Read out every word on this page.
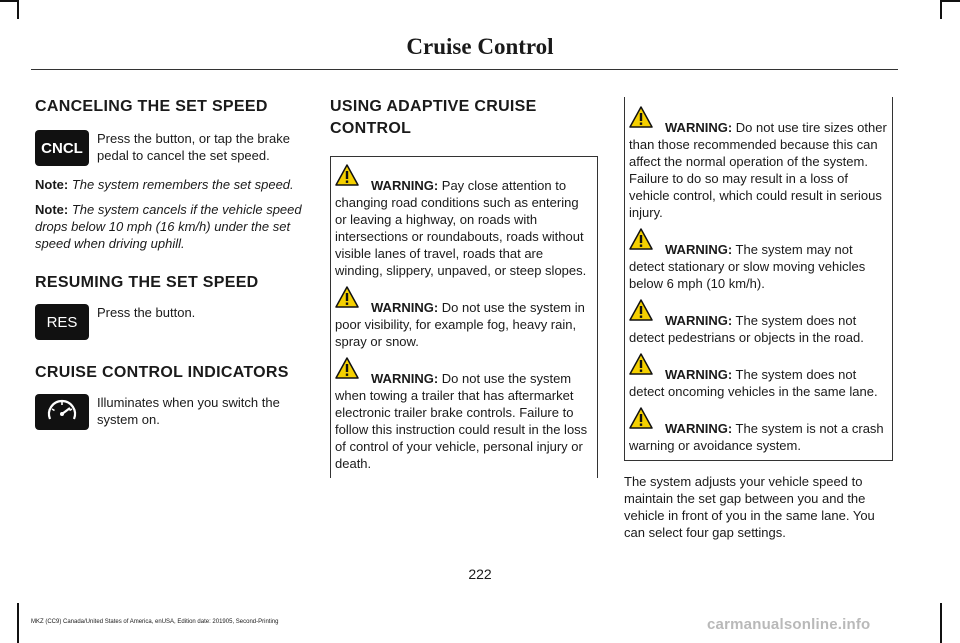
Cruise Control
CANCELING THE SET SPEED
CNCL

Press the button, or tap the brake pedal to cancel the set speed.

Note: The system remembers the set speed.

Note: The system cancels if the vehicle speed drops below 10 mph (16 km/h) under the set speed when driving uphill.

RESUMING THE SET SPEED
RES

Press the button.

CRUISE CONTROL INDICATORS

Illuminates when you switch the system on.

USING ADAPTIVE CRUISE
CONTROL

WARNING: Pay close attention to changing road conditions such as entering or leaving a highway, on roads with intersections or roundabouts, roads without visible lanes of travel, roads that are winding, slippery, unpaved, or steep slopes.

WARNING: Do not use the system in poor visibility, for example fog, heavy rain, spray or snow.

WARNING: Do not use the system when towing a trailer that has aftermarket electronic trailer brake controls. Failure to follow this instruction could result in the loss of control of your vehicle, personal injury or death.

WARNING: Do not use tire sizes other than those recommended because this can affect the normal operation of the system. Failure to do so may result in a loss of vehicle control, which could result in serious injury.

WARNING: The system may not detect stationary or slow moving vehicles below 6 mph (10 km/h).

WARNING: The system does not detect pedestrians or objects in the road.

WARNING: The system does not detect oncoming vehicles in the same lane.

WARNING: The system is not a crash warning or avoidance system.

The system adjusts your vehicle speed to maintain the set gap between you and the vehicle in front of you in the same lane. You can select four gap settings.

222
MKZ (CC9) Canada/United States of America, enUSA, Edition date: 201905, Second-Printing	carmanualsonline.info
